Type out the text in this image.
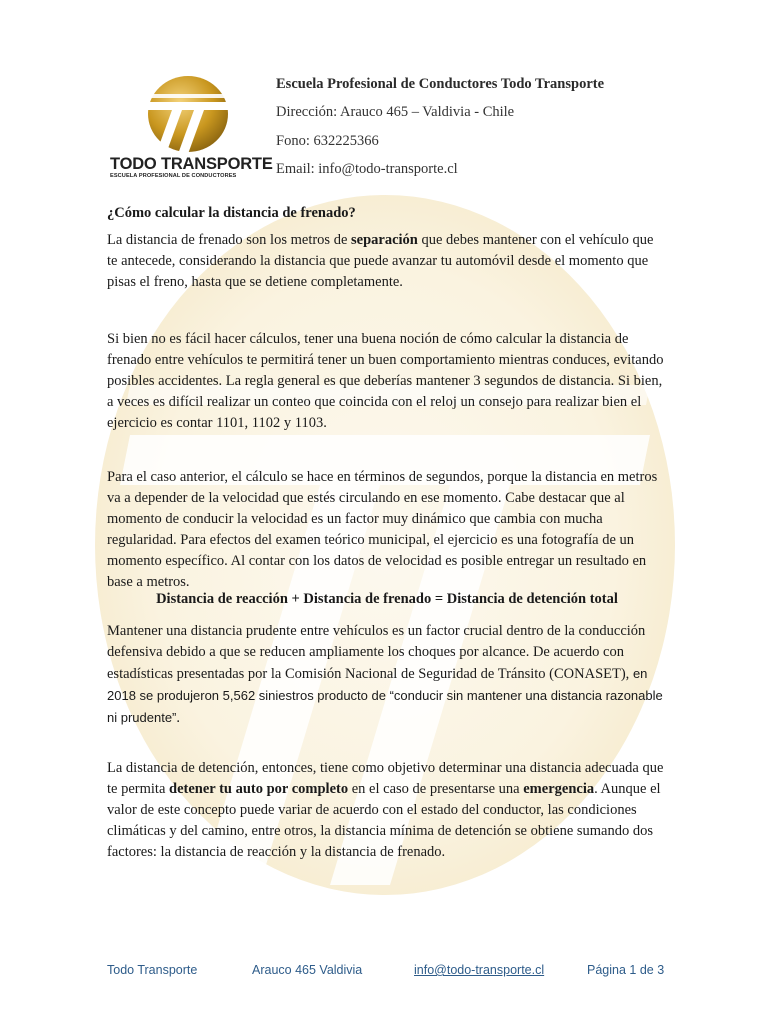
TODO TRANSPORTE
ESCUELA PROFESIONAL DE CONDUCTORES
Escuela Profesional de Conductores Todo Transporte
Dirección: Arauco 465 – Valdivia - Chile
Fono: 632225366
Email: info@todo-transporte.cl
¿Cómo calcular la distancia de frenado?
La distancia de frenado son los metros de separación que debes mantener con el vehículo que te antecede, considerando la distancia que puede avanzar tu automóvil desde el momento que pisas el freno, hasta que se detiene completamente.
Si bien no es fácil hacer cálculos, tener una buena noción de cómo calcular la distancia de frenado entre vehículos te permitirá tener un buen comportamiento mientras conduces, evitando posibles accidentes. La regla general es que deberías mantener 3 segundos de distancia. Si bien, a veces es difícil realizar un conteo que coincida con el reloj un consejo para realizar bien el ejercicio es contar 1101, 1102 y 1103.
Para el caso anterior, el cálculo se hace en términos de segundos, porque la distancia en metros va a depender de la velocidad que estés circulando en ese momento. Cabe destacar que al momento de conducir la velocidad es un factor muy dinámico que cambia con mucha regularidad. Para efectos del examen teórico municipal, el ejercicio es una fotografía de un momento específico. Al contar con los datos de velocidad es posible entregar un resultado en base a metros.
Distancia de reacción + Distancia de frenado = Distancia de detención total
Mantener una distancia prudente entre vehículos es un factor crucial dentro de la conducción defensiva debido a que se reducen ampliamente los choques por alcance. De acuerdo con estadísticas presentadas por la Comisión Nacional de Seguridad de Tránsito (CONASET), en 2018 se produjeron 5,562 siniestros producto de “conducir sin mantener una distancia razonable ni prudente”.
La distancia de detención, entonces, tiene como objetivo determinar una distancia adecuada que te permita detener tu auto por completo en el caso de presentarse una emergencia. Aunque el valor de este concepto puede variar de acuerdo con el estado del conductor, las condiciones climáticas y del camino, entre otros, la distancia mínima de detención se obtiene sumando dos factores: la distancia de reacción y la distancia de frenado.
Todo Transporte	Arauco 465 Valdivia	info@todo-transporte.cl	Página 1 de 3
